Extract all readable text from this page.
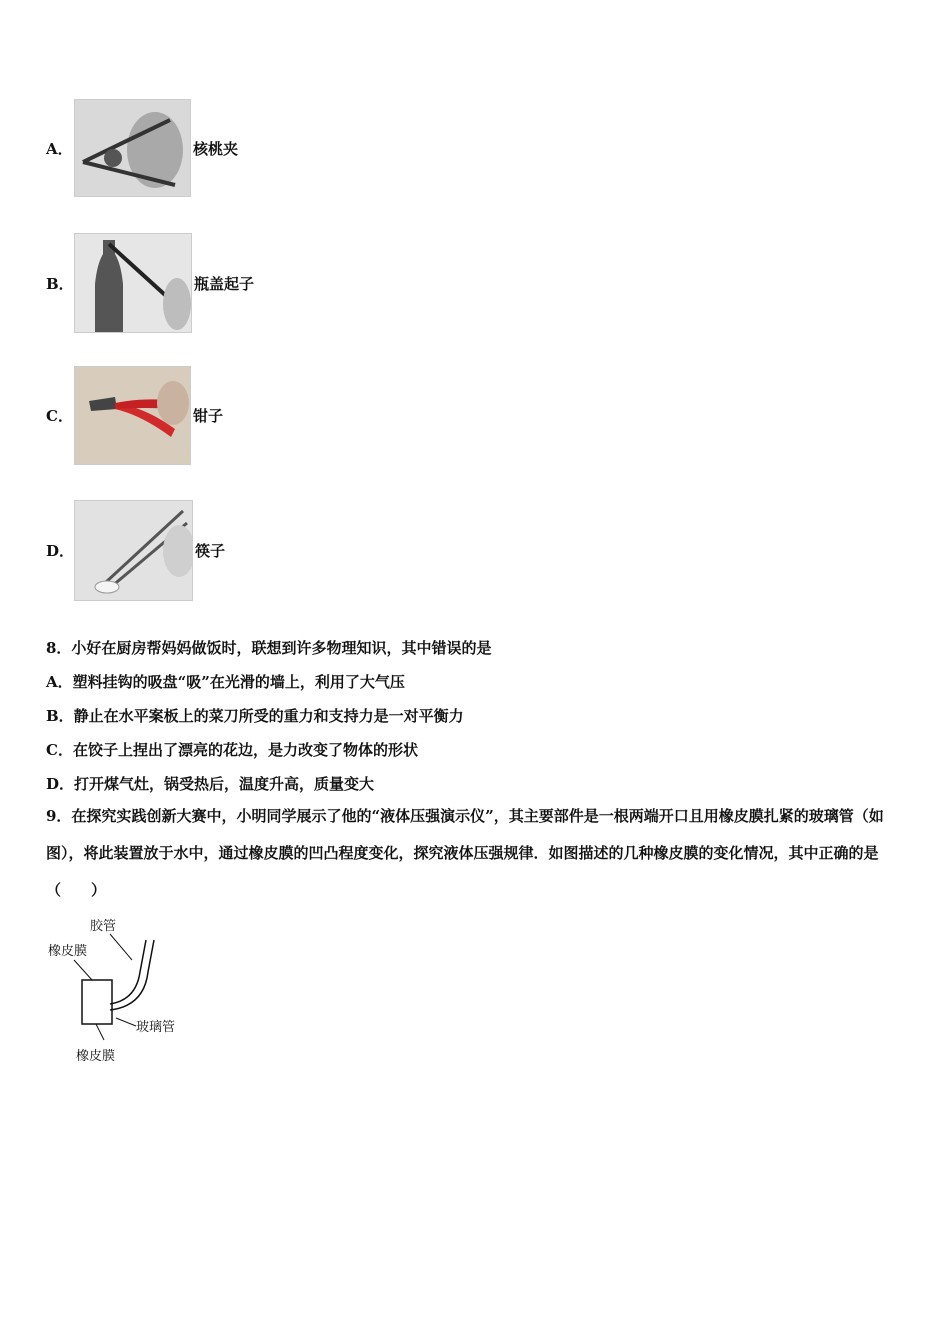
A．	核桃夹
B．	瓶盖起子
C．	钳子
D．	筷子
8．小好在厨房帮妈妈做饭时，联想到许多物理知识，其中错误的是
A．塑料挂钩的吸盘“吸”在光滑的墙上，利用了大气压
B．静止在水平案板上的菜刀所受的重力和支持力是一对平衡力
C．在饺子上捏出了漂亮的花边，是力改变了物体的形状
D．打开煤气灶，锅受热后，温度升高，质量变大
9．在探究实践创新大赛中，小明同学展示了他的“液体压强演示仪”，其主要部件是一根两端开口且用橡皮膜扎紧的玻璃管（如图），将此装置放于水中，通过橡皮膜的凹凸程度变化，探究液体压强规律．如图描述的几种橡皮膜的变化情况，其中正确的是（　　）
胶管
橡皮膜
玻璃管
橡皮膜
